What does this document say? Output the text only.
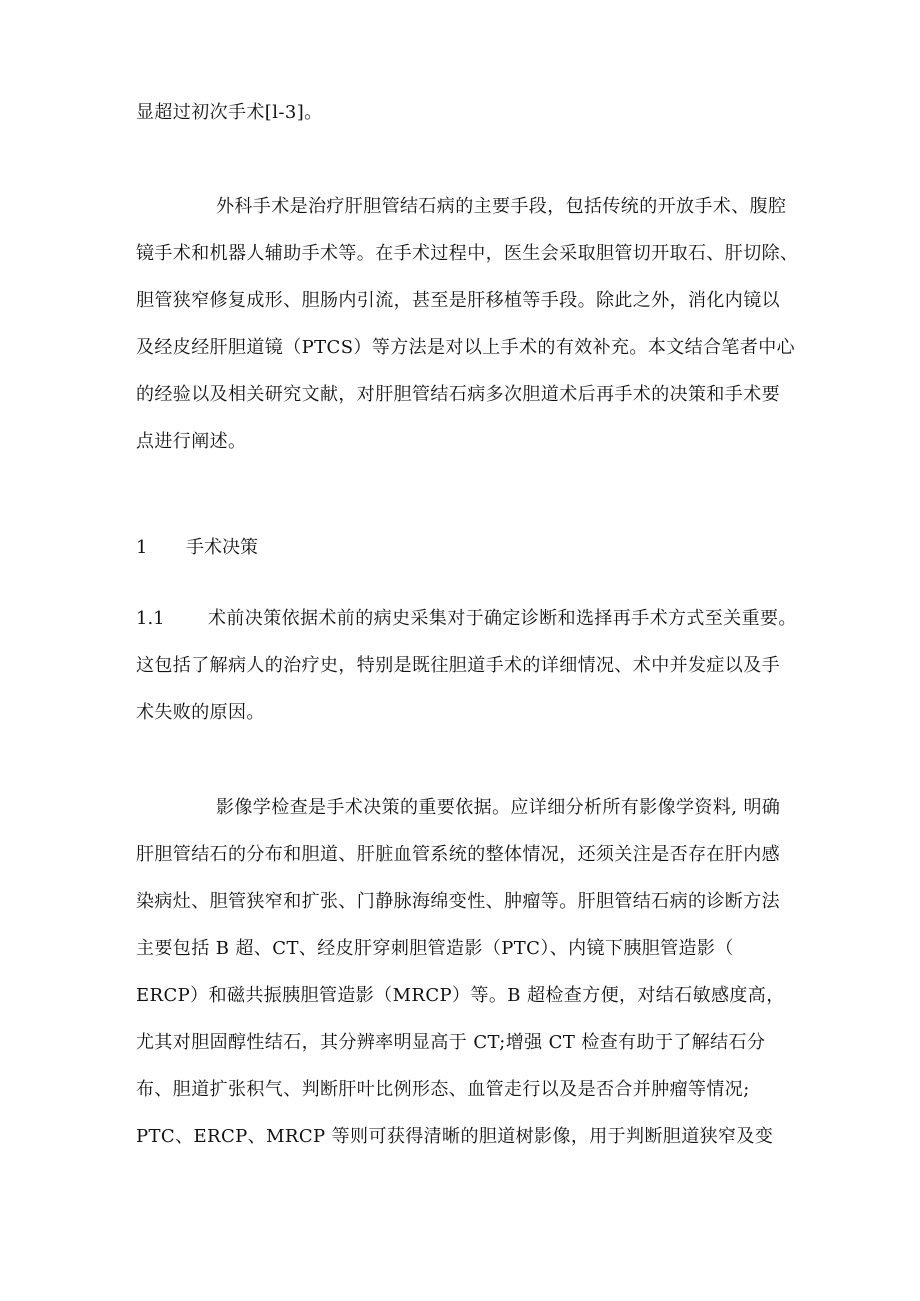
显超过初次手术[l-3]。
外科手术是治疗肝胆管结石病的主要手段，包括传统的开放手术、腹腔
镜手术和机器人辅助手术等。在手术过程中，医生会采取胆管切开取石、肝切除、
胆管狭窄修复成形、胆肠内引流，甚至是肝移植等手段。除此之外，消化内镜以
及经皮经肝胆道镜（PTCS）等方法是对以上手术的有效补充。本文结合笔者中心
的经验以及相关研究文献，对肝胆管结石病多次胆道术后再手术的决策和手术要
点进行阐述。
1 手术决策
1.1 术前决策依据术前的病史采集对于确定诊断和选择再手术方式至关重要。
这包括了解病人的治疗史，特别是既往胆道手术的详细情况、术中并发症以及手
术失败的原因。
影像学检查是手术决策的重要依据。应详细分析所有影像学资料, 明确
肝胆管结石的分布和胆道、肝脏血管系统的整体情况，还须关注是否存在肝内感
染病灶、胆管狭窄和扩张、门静脉海绵变性、肿瘤等。肝胆管结石病的诊断方法
主要包括 B 超、CT、经皮肝穿刺胆管造影（PTC）、内镜下胰胆管造影（
ERCP）和磁共振胰胆管造影（MRCP）等。B 超检查方便，对结石敏感度高，
尤其对胆固醇性结石，其分辨率明显高于 CT;增强 CT 检查有助于了解结石分
布、胆道扩张积气、判断肝叶比例形态、血管走行以及是否合并肿瘤等情况;
PTC、ERCP、MRCP 等则可获得清晰的胆道树影像，用于判断胆道狭窄及变
